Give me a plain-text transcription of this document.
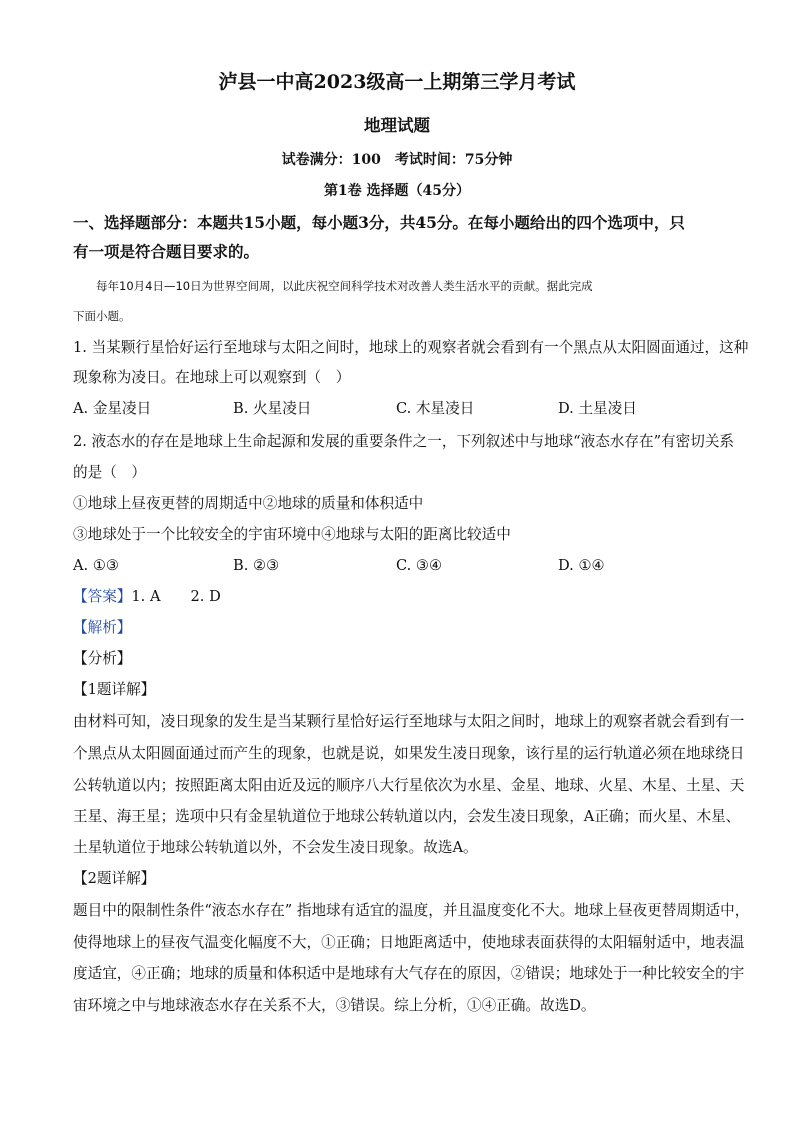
泸县一中高2023级高一上期第三学月考试
地理试题
试卷满分：100　考试时间：75分钟
第1卷 选择题（45分）
一、选择题部分：本题共15小题，每小题3分，共45分。在每小题给出的四个选项中，只
有一项是符合题目要求的。
　　每年10月4日—10日为世界空间周，以此庆祝空间科学技术对改善人类生活水平的贡献。据此完成
下面小题。
1. 当某颗行星恰好运行至地球与太阳之间时，地球上的观察者就会看到有一个黑点从太阳圆面通过，这种
现象称为凌日。在地球上可以观察到（　）
A. 金星凌日	B. 火星凌日	C. 木星凌日	D. 土星凌日
2. 液态水的存在是地球上生命起源和发展的重要条件之一，下列叙述中与地球“液态水存在”有密切关系
的是（　）
①地球上昼夜更替的周期适中②地球的质量和体积适中
③地球处于一个比较安全的宇宙环境中④地球与太阳的距离比较适中
A. ①③	B. ②③	C. ③④	D. ①④
【答案】1. A 2. D
【解析】
【分析】
【1题详解】
由材料可知，凌日现象的发生是当某颗行星恰好运行至地球与太阳之间时，地球上的观察者就会看到有一
个黑点从太阳圆面通过而产生的现象，也就是说，如果发生凌日现象，该行星的运行轨道必须在地球绕日
公转轨道以内；按照距离太阳由近及远的顺序八大行星依次为水星、金星、地球、火星、木星、土星、天
王星、海王星；选项中只有金星轨道位于地球公转轨道以内，会发生凌日现象，A正确；而火星、木星、
土星轨道位于地球公转轨道以外，不会发生凌日现象。故选A。
【2题详解】
题目中的限制性条件“液态水存在” 指地球有适宜的温度，并且温度变化不大。地球上昼夜更替周期适中，
使得地球上的昼夜气温变化幅度不大，①正确；日地距离适中，使地球表面获得的太阳辐射适中，地表温
度适宜，④正确；地球的质量和体积适中是地球有大气存在的原因，②错误；地球处于一种比较安全的宇
宙环境之中与地球液态水存在关系不大，③错误。综上分析，①④正确。故选D。
